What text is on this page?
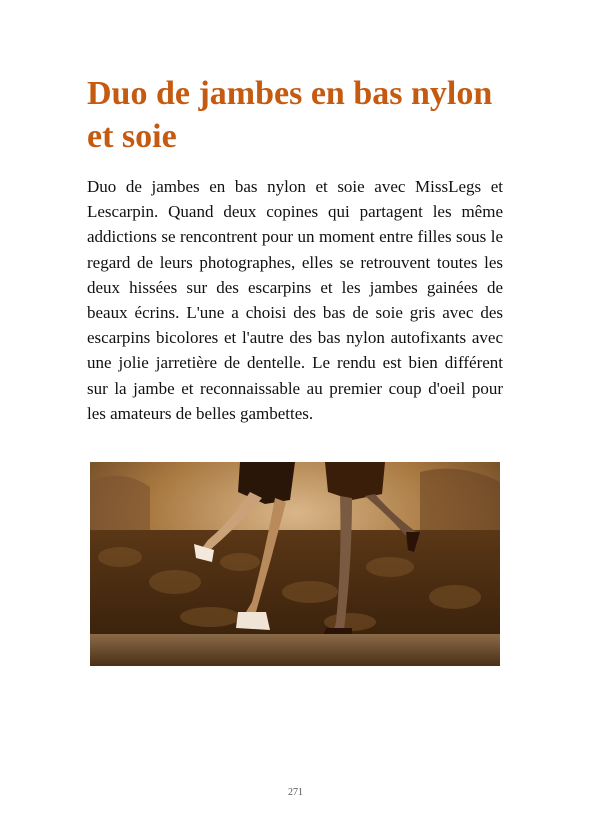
Duo de jambes en bas nylon et soie

Duo de jambes en bas nylon et soie avec MissLegs et Lescarpin. Quand deux copines qui partagent les même addictions se rencontrent pour un moment entre filles sous le regard de leurs photographes, elles se retrouvent toutes les deux hissées sur des escarpins et les jambes gainées de beaux écrins. L'une a choisi des bas de soie gris avec des escarpins bicolores et l'autre des bas nylon autofixants avec une jolie jarretière de dentelle. Le rendu est bien différent sur la jambe et reconnaissable au premier coup d'oeil pour les amateurs de belles gambettes.

271
